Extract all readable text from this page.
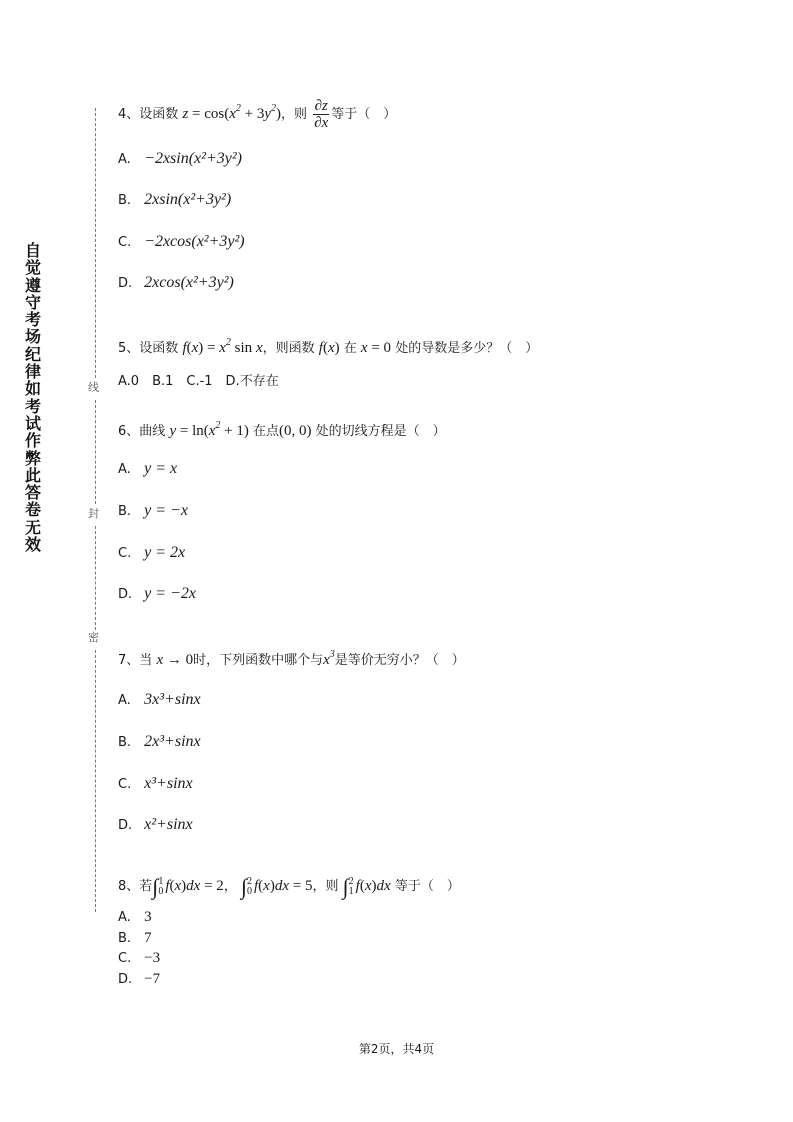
自觉遵守考场纪律如考试作弊此答卷无效
线
封
密
4、设函数 $z = \cos(x^2 + 3y^2)$，则 $\frac{\partial z}{\partial x}$ 等于（　）
A. −2xsin(x²+3y²)
B. 2xsin(x²+3y²)
C. −2xcos(x²+3y²)
D. 2xcos(x²+3y²)
5、设函数 $f(x) = x^2$ sin x，则函数 f(x) 在 x = 0 处的导数是多少？（　）
A.0　B.1　C.-1　D.不存在
6、曲线 $y = \ln(x^2 + 1)$ 在点(0, 0) 处的切线方程是（　）
A. y = x
B. y = −x
C. y = 2x
D. y = −2x
7、当 x → 0时，下列函数中哪个与$x^3$是等价无穷小？（　）
A. 3x³+sinx
B. 2x³+sinx
C. x³+sinx
D. x²+sinx
8、若∫ 1
0 f(x)dx = 2， ∫ 2
0 f(x)dx = 5，则 ∫ 2
1 f(x)dx 等于（　）
A. 3
B. 7
C. −3
D. −7
第2页，共4页
